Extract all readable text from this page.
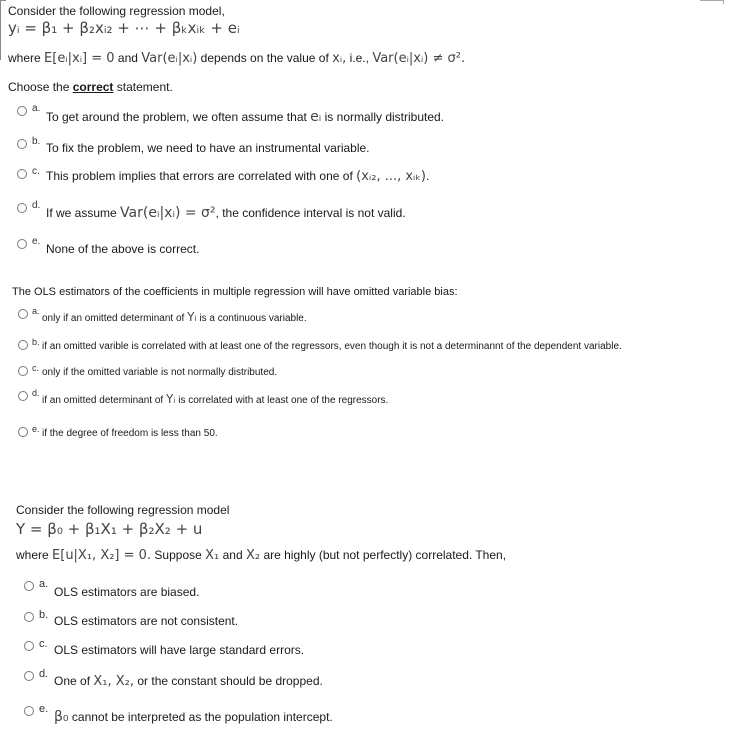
Consider the following regression model,
yᵢ = β₁ + β₂xᵢ₂ + ⋯ + βₖxᵢₖ + eᵢ
where E[eᵢ|xᵢ] = 0 and Var(eᵢ|xᵢ) depends on the value of xᵢ, i.e., Var(eᵢ|xᵢ) ≠ σ².
Choose the correct statement.
a.
To get around the problem, we often assume that eᵢ is normally distributed.
b. To fix the problem, we need to have an instrumental variable.
c. This problem implies that errors are correlated with one of (xᵢ₂, ..., xᵢₖ).
d.
If we assume Var(eᵢ|xᵢ) = σ², the confidence interval is not valid.
e.
None of the above is correct.
The OLS estimators of the coefficients in multiple regression will have omitted variable bias:
a.
only if an omitted determinant of Yᵢ is a continuous variable.
b. if an omitted varible is correlated with at least one of the regressors, even though it is not a determinannt of the dependent variable.
c. only if the omitted variable is not normally distributed.
d.
if an omitted determinant of Yᵢ is correlated with at least one of the regressors.
e. if the degree of freedom is less than 50.
Consider the following regression model
Y = β₀ + β₁X₁ + β₂X₂ + u
where E[u|X₁, X₂] = 0. Suppose X₁ and X₂ are highly (but not perfectly) correlated. Then,
a.
OLS estimators are biased.
b. OLS estimators are not consistent.
c. OLS estimators will have large standard errors.
d. One of X₁, X₂, or the constant should be dropped.
e. β₀ cannot be interpreted as the population intercept.
